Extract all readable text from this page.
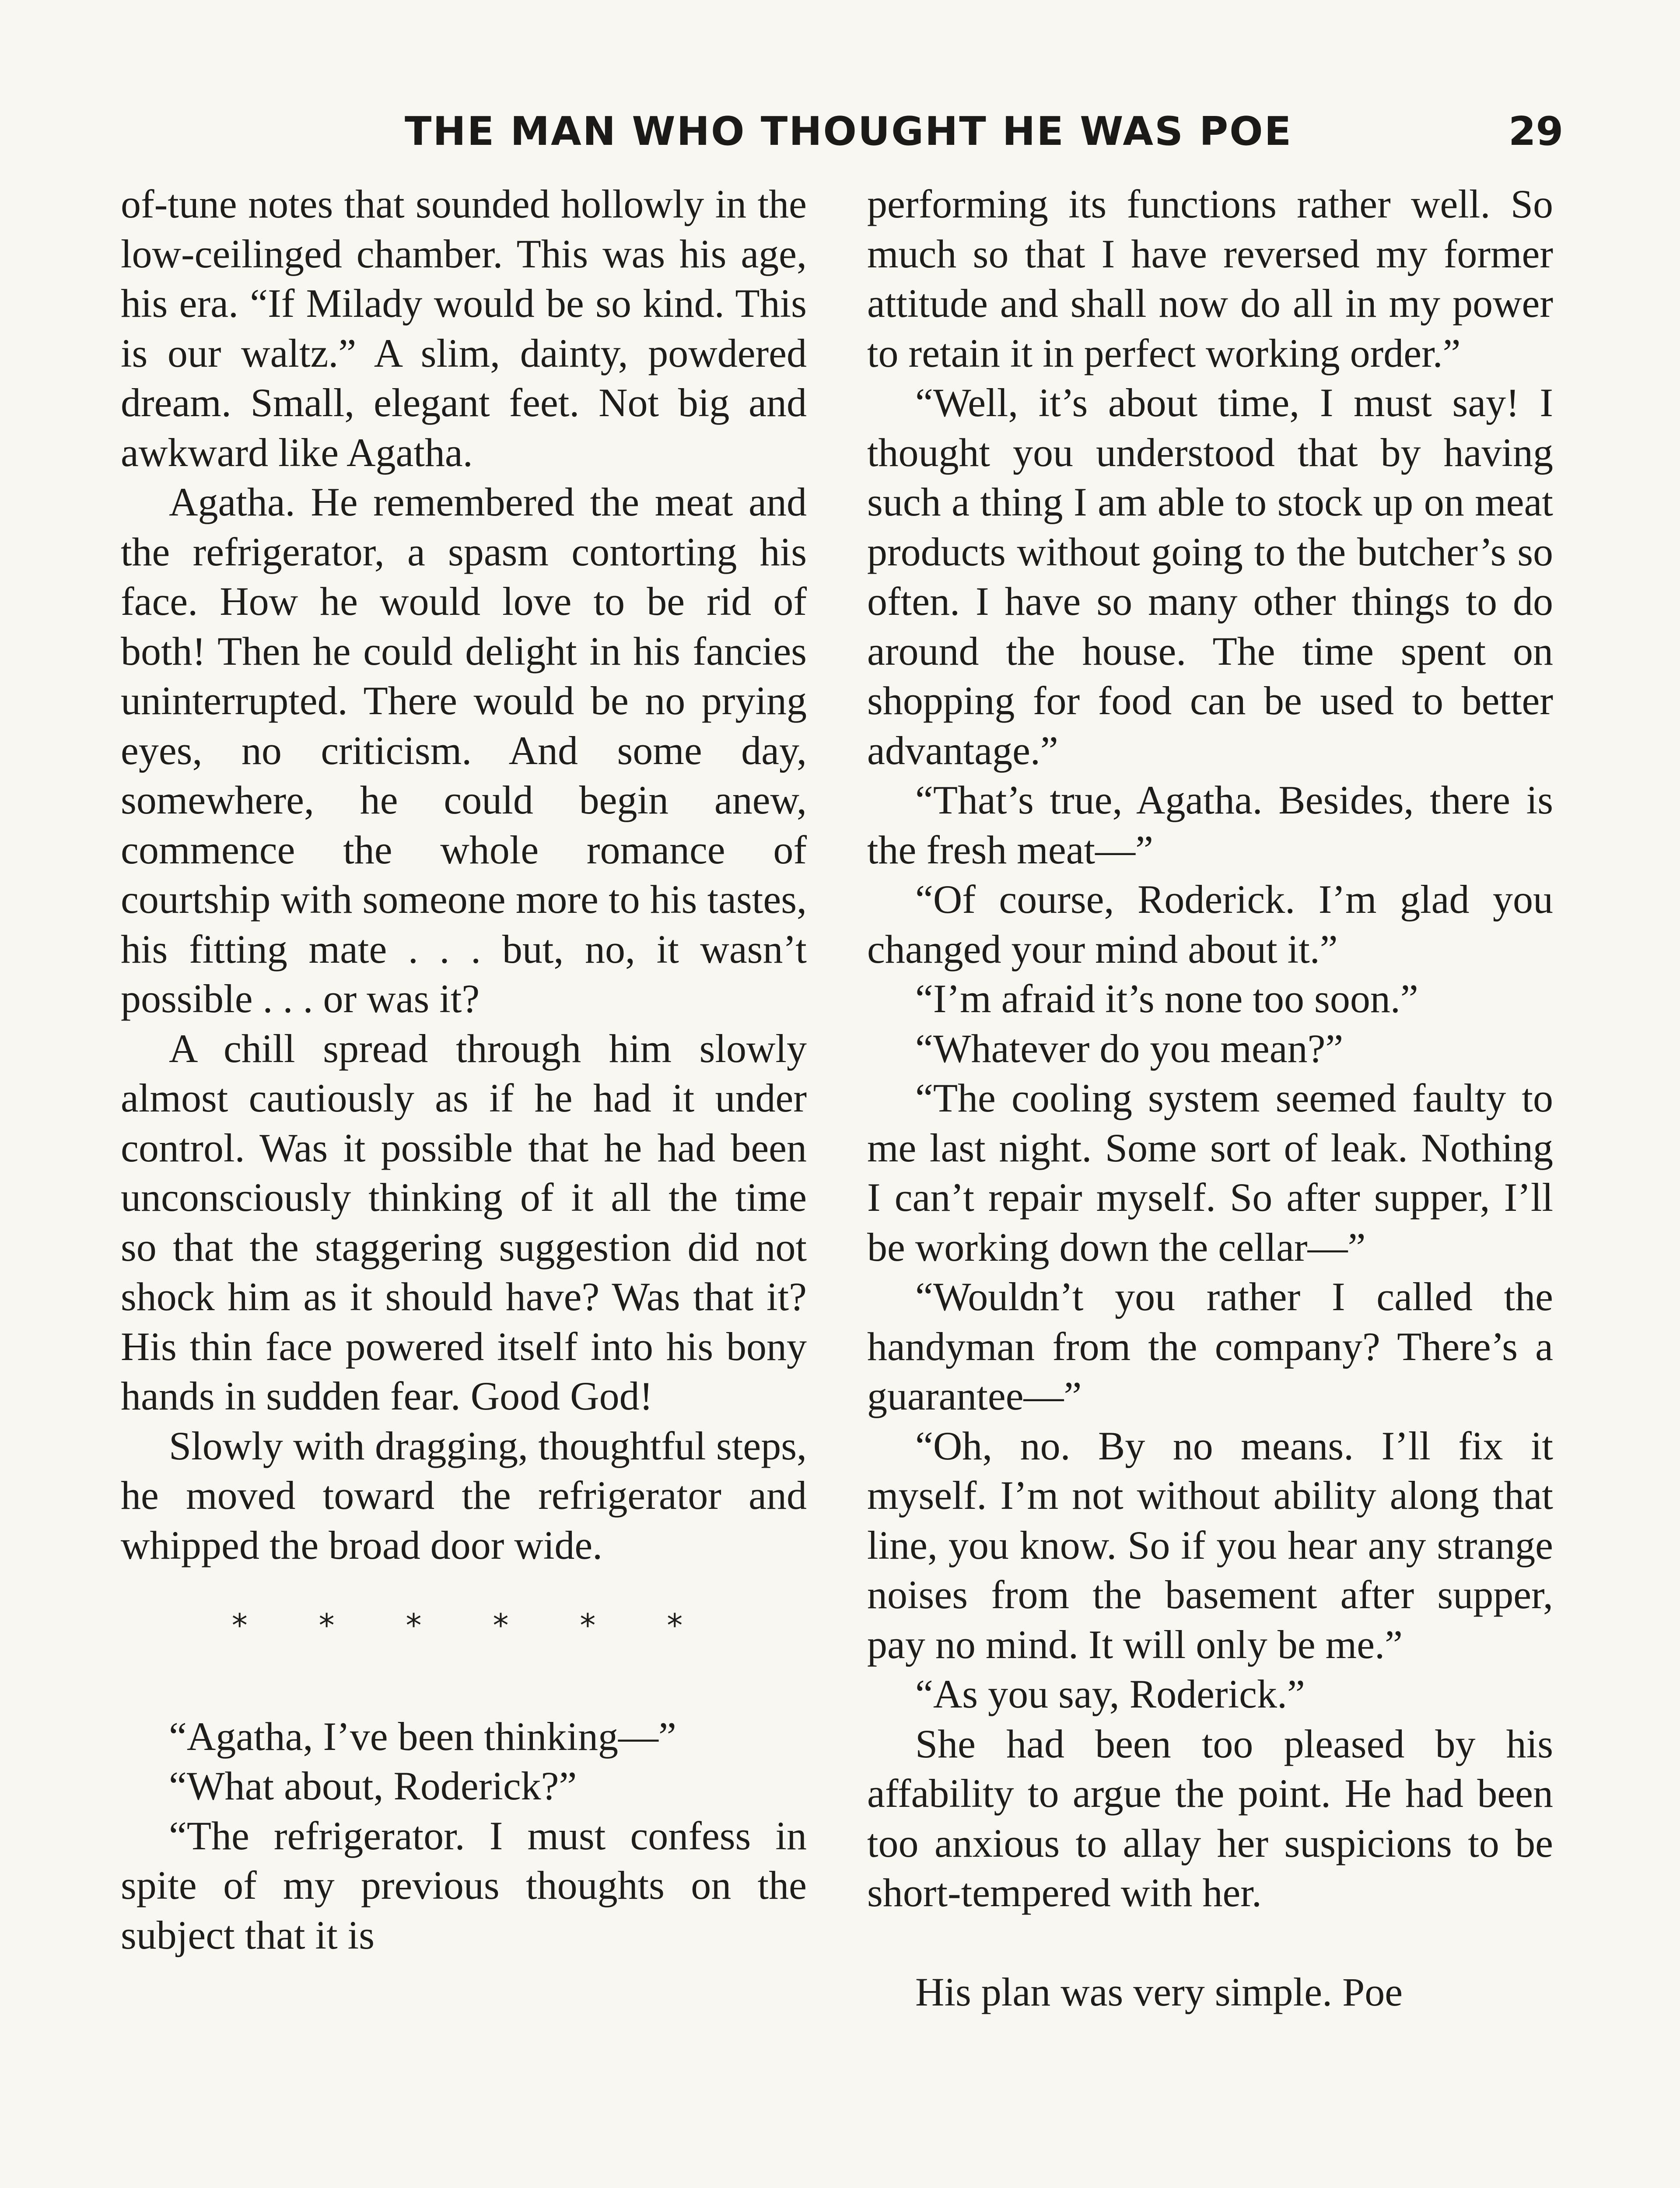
THE MAN WHO THOUGHT HE WAS POE	29

of-tune notes that sounded hollowly in the low-ceilinged chamber. This was his age, his era. “If Milady would be so kind. This is our waltz.” A slim, dainty, powdered dream. Small, elegant feet. Not big and awkward like Agatha.

Agatha. He remembered the meat and the refrigerator, a spasm contorting his face. How he would love to be rid of both! Then he could delight in his fancies uninterrupted. There would be no prying eyes, no criticism. And some day, somewhere, he could begin anew, commence the whole romance of courtship with someone more to his tastes, his fitting mate . . . but, no, it wasn’t possible . . . or was it?

A chill spread through him slowly almost cautiously as if he had it under control. Was it possible that he had been unconsciously thinking of it all the time so that the staggering suggestion did not shock him as it should have? Was that it? His thin face powered itself into his bony hands in sudden fear. Good God!

Slowly with dragging, thoughtful steps, he moved toward the refrigerator and whipped the broad door wide.

* * * * * *

“Agatha, I’ve been thinking—”

“What about, Roderick?”

“The refrigerator. I must confess in spite of my previous thoughts on the subject that it is

performing its functions rather well. So much so that I have reversed my former attitude and shall now do all in my power to retain it in perfect working order.”

“Well, it’s about time, I must say! I thought you understood that by having such a thing I am able to stock up on meat products without going to the butcher’s so often. I have so many other things to do around the house. The time spent on shopping for food can be used to better advantage.”

“That’s true, Agatha. Besides, there is the fresh meat—”

“Of course, Roderick. I’m glad you changed your mind about it.”

“I’m afraid it’s none too soon.”

“Whatever do you mean?”

“The cooling system seemed faulty to me last night. Some sort of leak. Nothing I can’t repair myself. So after supper, I’ll be working down the cellar—”

“Wouldn’t you rather I called the handyman from the company? There’s a guarantee—”

“Oh, no. By no means. I’ll fix it myself. I’m not without ability along that line, you know. So if you hear any strange noises from the basement after supper, pay no mind. It will only be me.”

“As you say, Roderick.”

She had been too pleased by his affability to argue the point. He had been too anxious to allay her suspicions to be short-tempered with her.

His plan was very simple. Poe
